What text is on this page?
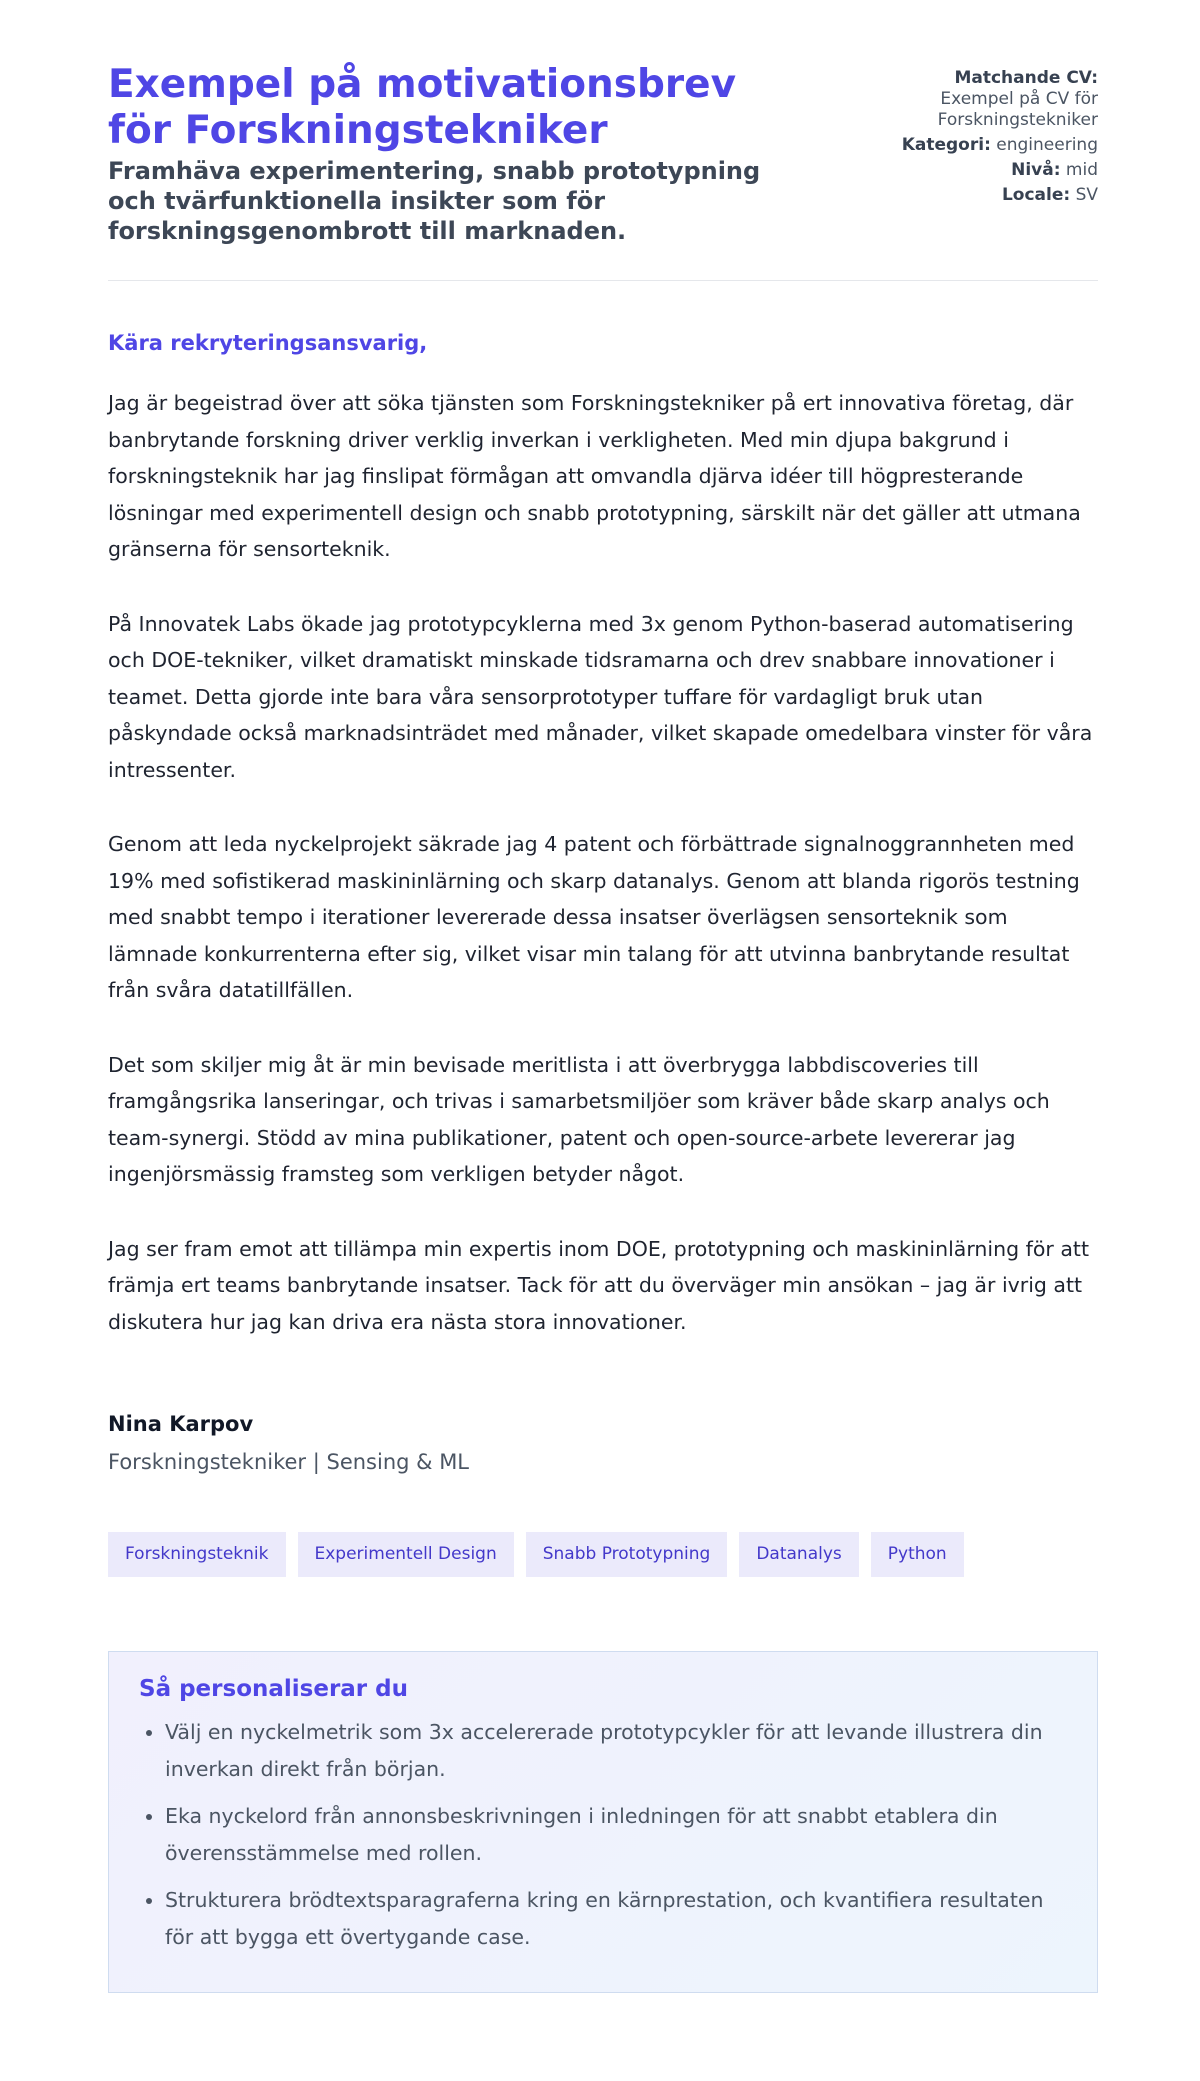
Exempel på motivationsbrev för Forskningstekniker

Framhäva experimentering, snabb prototypning och tvärfunktionella insikter som för forskningsgenombrott till marknaden.

Matchande CV:
Exempel på CV för Forskningstekniker
Kategori: engineering
Nivå: mid
Locale: SV
Kära rekryteringsansvarig,

Jag är begeistrad över att söka tjänsten som Forskningstekniker på ert innovativa företag, där banbrytande forskning driver verklig inverkan i verkligheten. Med min djupa bakgrund i forskningsteknik har jag finslipat förmågan att omvandla djärva idéer till högpresterande lösningar med experimentell design och snabb prototypning, särskilt när det gäller att utmana gränserna för sensorteknik.

På Innovatek Labs ökade jag prototypcyklerna med 3x genom Python-baserad automatisering och DOE-tekniker, vilket dramatiskt minskade tidsramarna och drev snabbare innovationer i teamet. Detta gjorde inte bara våra sensorprototyper tuffare för vardagligt bruk utan påskyndade också marknadsinträdet med månader, vilket skapade omedelbara vinster för våra intressenter.

Genom att leda nyckelprojekt säkrade jag 4 patent och förbättrade signalnoggrannheten med 19% med sofistikerad maskininlärning och skarp datanalys. Genom att blanda rigorös testning med snabbt tempo i iterationer levererade dessa insatser överlägsen sensorteknik som lämnade konkurrenterna efter sig, vilket visar min talang för att utvinna banbrytande resultat från svåra datatillfällen.

Det som skiljer mig åt är min bevisade meritlista i att överbrygga labbdiscoveries till framgångsrika lanseringar, och trivas i samarbetsmiljöer som kräver både skarp analys och team-synergi. Stödd av mina publikationer, patent och open-source-arbete levererar jag ingenjörsmässig framsteg som verkligen betyder något.

Jag ser fram emot att tillämpa min expertis inom DOE, prototypning och maskininlärning för att främja ert teams banbrytande insatser. Tack för att du överväger min ansökan – jag är ivrig att diskutera hur jag kan driva era nästa stora innovationer.

Nina Karpov
Forskningstekniker | Sensing & ML
Forskningsteknik	Experimentell Design	Snabb Prototypning	Datanalys	Python
Så personaliserar du
• Välj en nyckelmetrik som 3x accelererade prototypcykler för att levande illustrera din inverkan direkt från början.
• Eka nyckelord från annonsbeskrivningen i inledningen för att snabbt etablera din överensstämmelse med rollen.
• Strukturera brödtextsparagraferna kring en kärnprestation, och kvantifiera resultaten för att bygga ett övertygande case.
